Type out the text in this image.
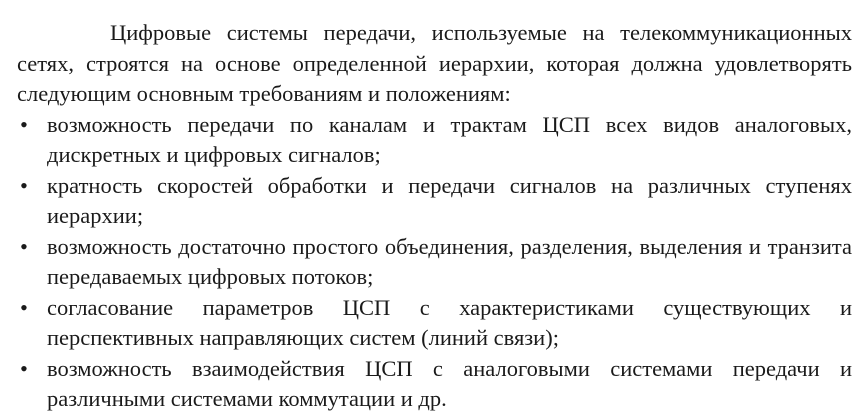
Цифровые системы передачи, используемые на телекоммуникационных сетях, строятся на основе определенной иерархии, которая должна удовлетворять следующим основным требованиям и положениям:

• возможность передачи по каналам и трактам ЦСП всех видов аналоговых, дискретных и цифровых сигналов;
• кратность скоростей обработки и передачи сигналов на различных ступенях иерархии;
• возможность достаточно простого объединения, разделения, выделения и транзита передаваемых цифровых потоков;
• согласование параметров ЦСП с характеристиками существующих и перспективных направляющих систем (линий связи);
• возможность взаимодействия ЦСП с аналоговыми системами передачи и различными системами коммутации и др.
